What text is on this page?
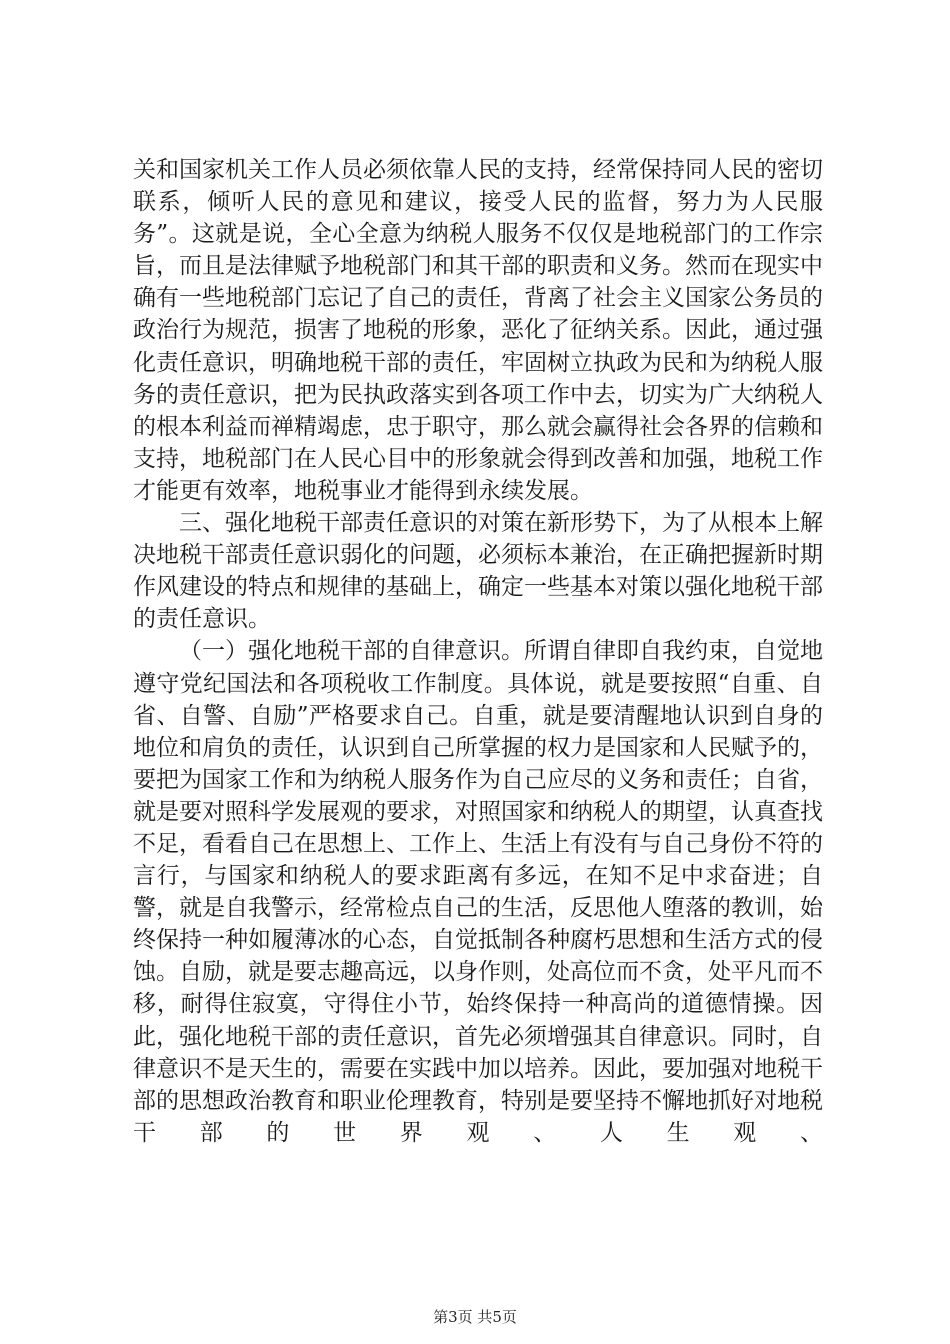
关和国家机关工作人员必须依靠人民的支持，经常保持同人民的密切联系，倾听人民的意见和建议，接受人民的监督，努力为人民服务”。这就是说，全心全意为纳税人服务不仅仅是地税部门的工作宗旨，而且是法律赋予地税部门和其干部的职责和义务。然而在现实中确有一些地税部门忘记了自己的责任，背离了社会主义国家公务员的政治行为规范，损害了地税的形象，恶化了征纳关系。因此，通过强化责任意识，明确地税干部的责任，牢固树立执政为民和为纳税人服务的责任意识，把为民执政落实到各项工作中去，切实为广大纳税人的根本利益而禅精竭虑，忠于职守，那么就会赢得社会各界的信赖和支持，地税部门在人民心目中的形象就会得到改善和加强，地税工作才能更有效率，地税事业才能得到永续发展。

三、强化地税干部责任意识的对策在新形势下，为了从根本上解决地税干部责任意识弱化的问题，必须标本兼治，在正确把握新时期作风建设的特点和规律的基础上，确定一些基本对策以强化地税干部的责任意识。

（一）强化地税干部的自律意识。所谓自律即自我约束，自觉地遵守党纪国法和各项税收工作制度。具体说，就是要按照“自重、自省、自警、自励”严格要求自己。自重，就是要清醒地认识到自身的地位和肩负的责任，认识到自己所掌握的权力是国家和人民赋予的，要把为国家工作和为纳税人服务作为自己应尽的义务和责任；自省，就是要对照科学发展观的要求，对照国家和纳税人的期望，认真查找不足，看看自己在思想上、工作上、生活上有没有与自己身份不符的言行，与国家和纳税人的要求距离有多远，在知不足中求奋进；自警，就是自我警示，经常检点自己的生活，反思他人堕落的教训，始终保持一种如履薄冰的心态，自觉抵制各种腐朽思想和生活方式的侵蚀。自励，就是要志趣高远，以身作则，处高位而不贪，处平凡而不移，耐得住寂寞，守得住小节，始终保持一种高尚的道德情操。因此，强化地税干部的责任意识，首先必须增强其自律意识。同时，自律意识不是天生的，需要在实践中加以培养。因此，要加强对地税干部的思想政治教育和职业伦理教育，特别是要坚持不懈地抓好对地税干部的世界观、人生观、

第3页 共5页
